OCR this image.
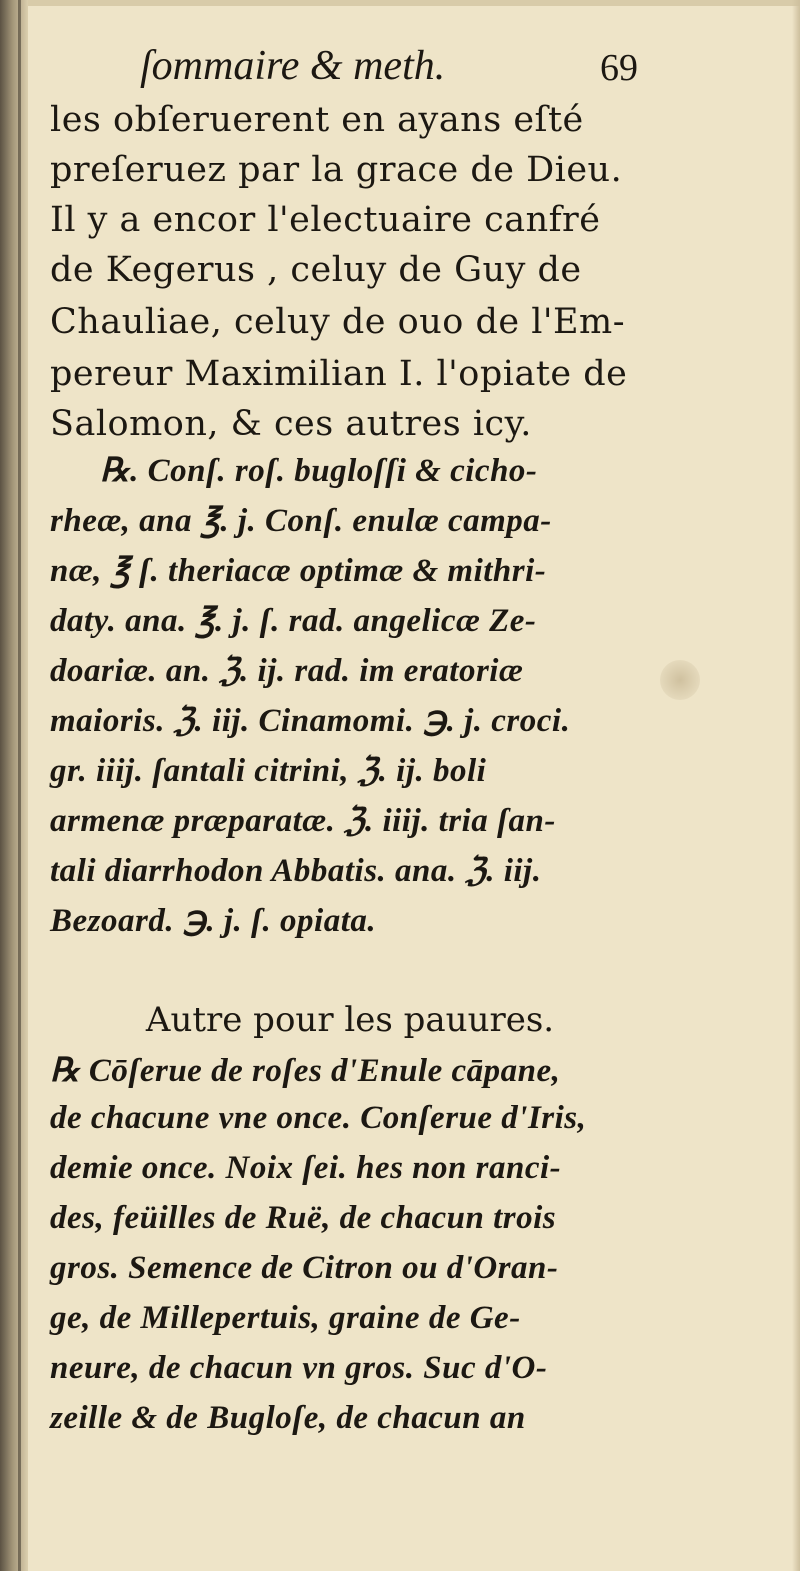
ſommaire & meth.	69
les obſeruerent en ayans eſté
preſeruez par la grace de Dieu.
Il y a encor l'electuaire canfré
de Kegerus , celuy de Guy de
Chauliae, celuy de ouo de l'Em-
pereur Maximilian I. l'opiate de
Salomon, & ces autres icy.
℞. Conſ. roſ. bugloſſi & cicho-
rheæ, ana ℥. j. Conſ. enulæ campa-
næ, ℥ ſ. theriacæ optimæ & mithri-
daty. ana. ℥. j. ſ. rad. angelicæ Ze-
doariæ. an. ℨ. ij. rad. im eratoriæ
maioris. ℨ. iij. Cinamomi. ℈. j. croci.
gr. iiij. ſantali citrini, ℨ. ij. boli
armenæ præparatæ. ℨ. iiij. tria ſan-
tali diarrhodon Abbatis. ana. ℨ. iij.
Bezoard. ℈. j. ſ. opiata.
Autre pour les pauures.
℞ Cōſerue de roſes d'Enule cāpane,
de chacune vne once. Conſerue d'Iris,
demie once. Noix ſei. hes non ranci-
des, feüilles de Ruë, de chacun trois
gros. Semence de Citron ou d'Oran-
ge, de Millepertuis, graine de Ge-
neure, de chacun vn gros. Suc d'O-
zeille & de Bugloſe, de chacun an
